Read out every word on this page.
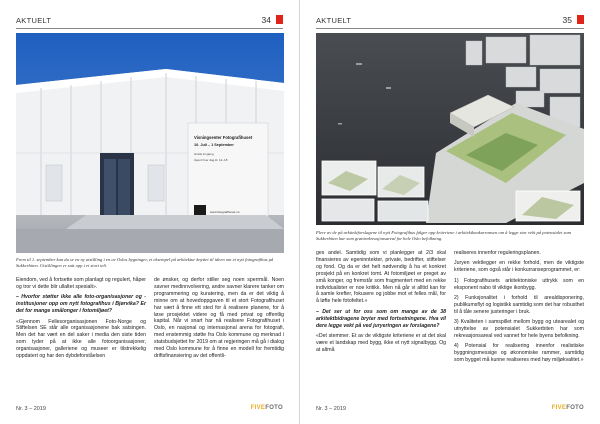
AKTUELT	34
Visningsenter Fotografihuset
10. Juli – 1 September
Gratis inngang
Åpent hver dag kl. 12–18
www.fotografihuset.no
Frem til 1. september kan du se en ny utstilling i en av Oslos bygninger, et eksempel på arkitektur knyttet til ideen om et nytt fotografihus på Sukkerbiten. Utstillingen er satt opp i et stort telt.

Eiendom, ved å fortsette som planlagt og regulert, håper og tror vi dette blir ullaltet spesialt».

– Hvorfor støtter ikke alle foto-organisasjoner og -institusjoner opp om nytt fotografihus i Bjørvika? Er det for mange smålonger i fotomiljøet?

«Gjennom Fellesorganisasjonen Foto-Norge og Stiftelsen SE står alle organisasjonene bak satsingen. Men det har vært en del saker i media den siste tiden som tyder på at ikke alle fotoorganisasjoner, organisasjoner, galleriene og museer er tilstrekkelig oppdatert og har den dybdeforståelsen

de ønsker, og derfor stiller seg noen sperrmål. Noen savner medinnvolvering, andre savner klarere tanker om programmering og kuratering, men da er det viktig å minne om at hovedoppgaven til et stort Fotografihuset har vært å finne ett sted for å realisere planene, for å løse prosjektet videre og få med privat og offentlig kapital. Når vi snart har nå realisere Fotografihuset i Oslo, en nasjonal og internasjonal arena for fotografi, med enstemmig støtte fra Oslo kommune og merknad i statsbudsjettet for 2019 om at regjeringen må gå i dialog med Oslo kommune for å finne en modell for fremtidig driftsfinansiering av det offentli-

Nr. 3 – 2019	FIVEFOTO
AKTUELT	35
Flere av de på arkitektforslagene til nytt Fotografihus følger opp kriteriene i arkitektkonkurransen om å legge stor vekt på potensialet som Sukkerbiten har som grøntrekreasjonsareal for hele Oslo befolkning.

ges andel. Samtidig som vi planlegger at 2/3 skal finansieres av egeninntekter, private, bedrifter, stiftelser og fond. Og da er det helt nødvendig å ha et konkret prosjekt på en konkret tomt. At fotomiljøet er preget av små konger, og fremstår som fragmentert med en rekke individualister er noe kritikk. Men nå går vi alltid kan for å samle krefter, fokusere og jobbe mot et felles mål, for å løfte hele fotofeltet.»

– Det ser ut for oss som om mange av de 38 arkitektbidragene bryter med fortsetningene. Hva vil dere legge vekt på ved juryeringen av forslagene?

«Det stemmer. Et av de viktigste kriteriene er at det skal være et landskap med bygg, ikke et nytt signalbygg. Og at altmå

realiseres innenfor reguleringsplanen.

Juryen vektlegger en rekke forhold, men de viktigste kriteriene, som også står i konkurranseprogrammet, er:

1) Fotografihusets arkitektoniske uttrykk som en eksponent nabo til viktige ikonbygg.

2) Funksjonalitet i forhold til arealdisponering, publikumsflyt og logistikk samtidig som det har robusthet til å tåle senere justeringer i bruk.

3) Kvaliteten i samspillet mellom bygg og utearealet og utnyttelse av potensialet Sukkerbiten har som rekreasjonsareal ved vannet for hele byens befolkning.

4) Potensial for realisering innenfor realistiske byggningsmessige og økonomiske rammer, samtidig som bygget må kunne realiseres med høy miljøkvalitet.»

Nr. 3 – 2019	FIVEFOTO
